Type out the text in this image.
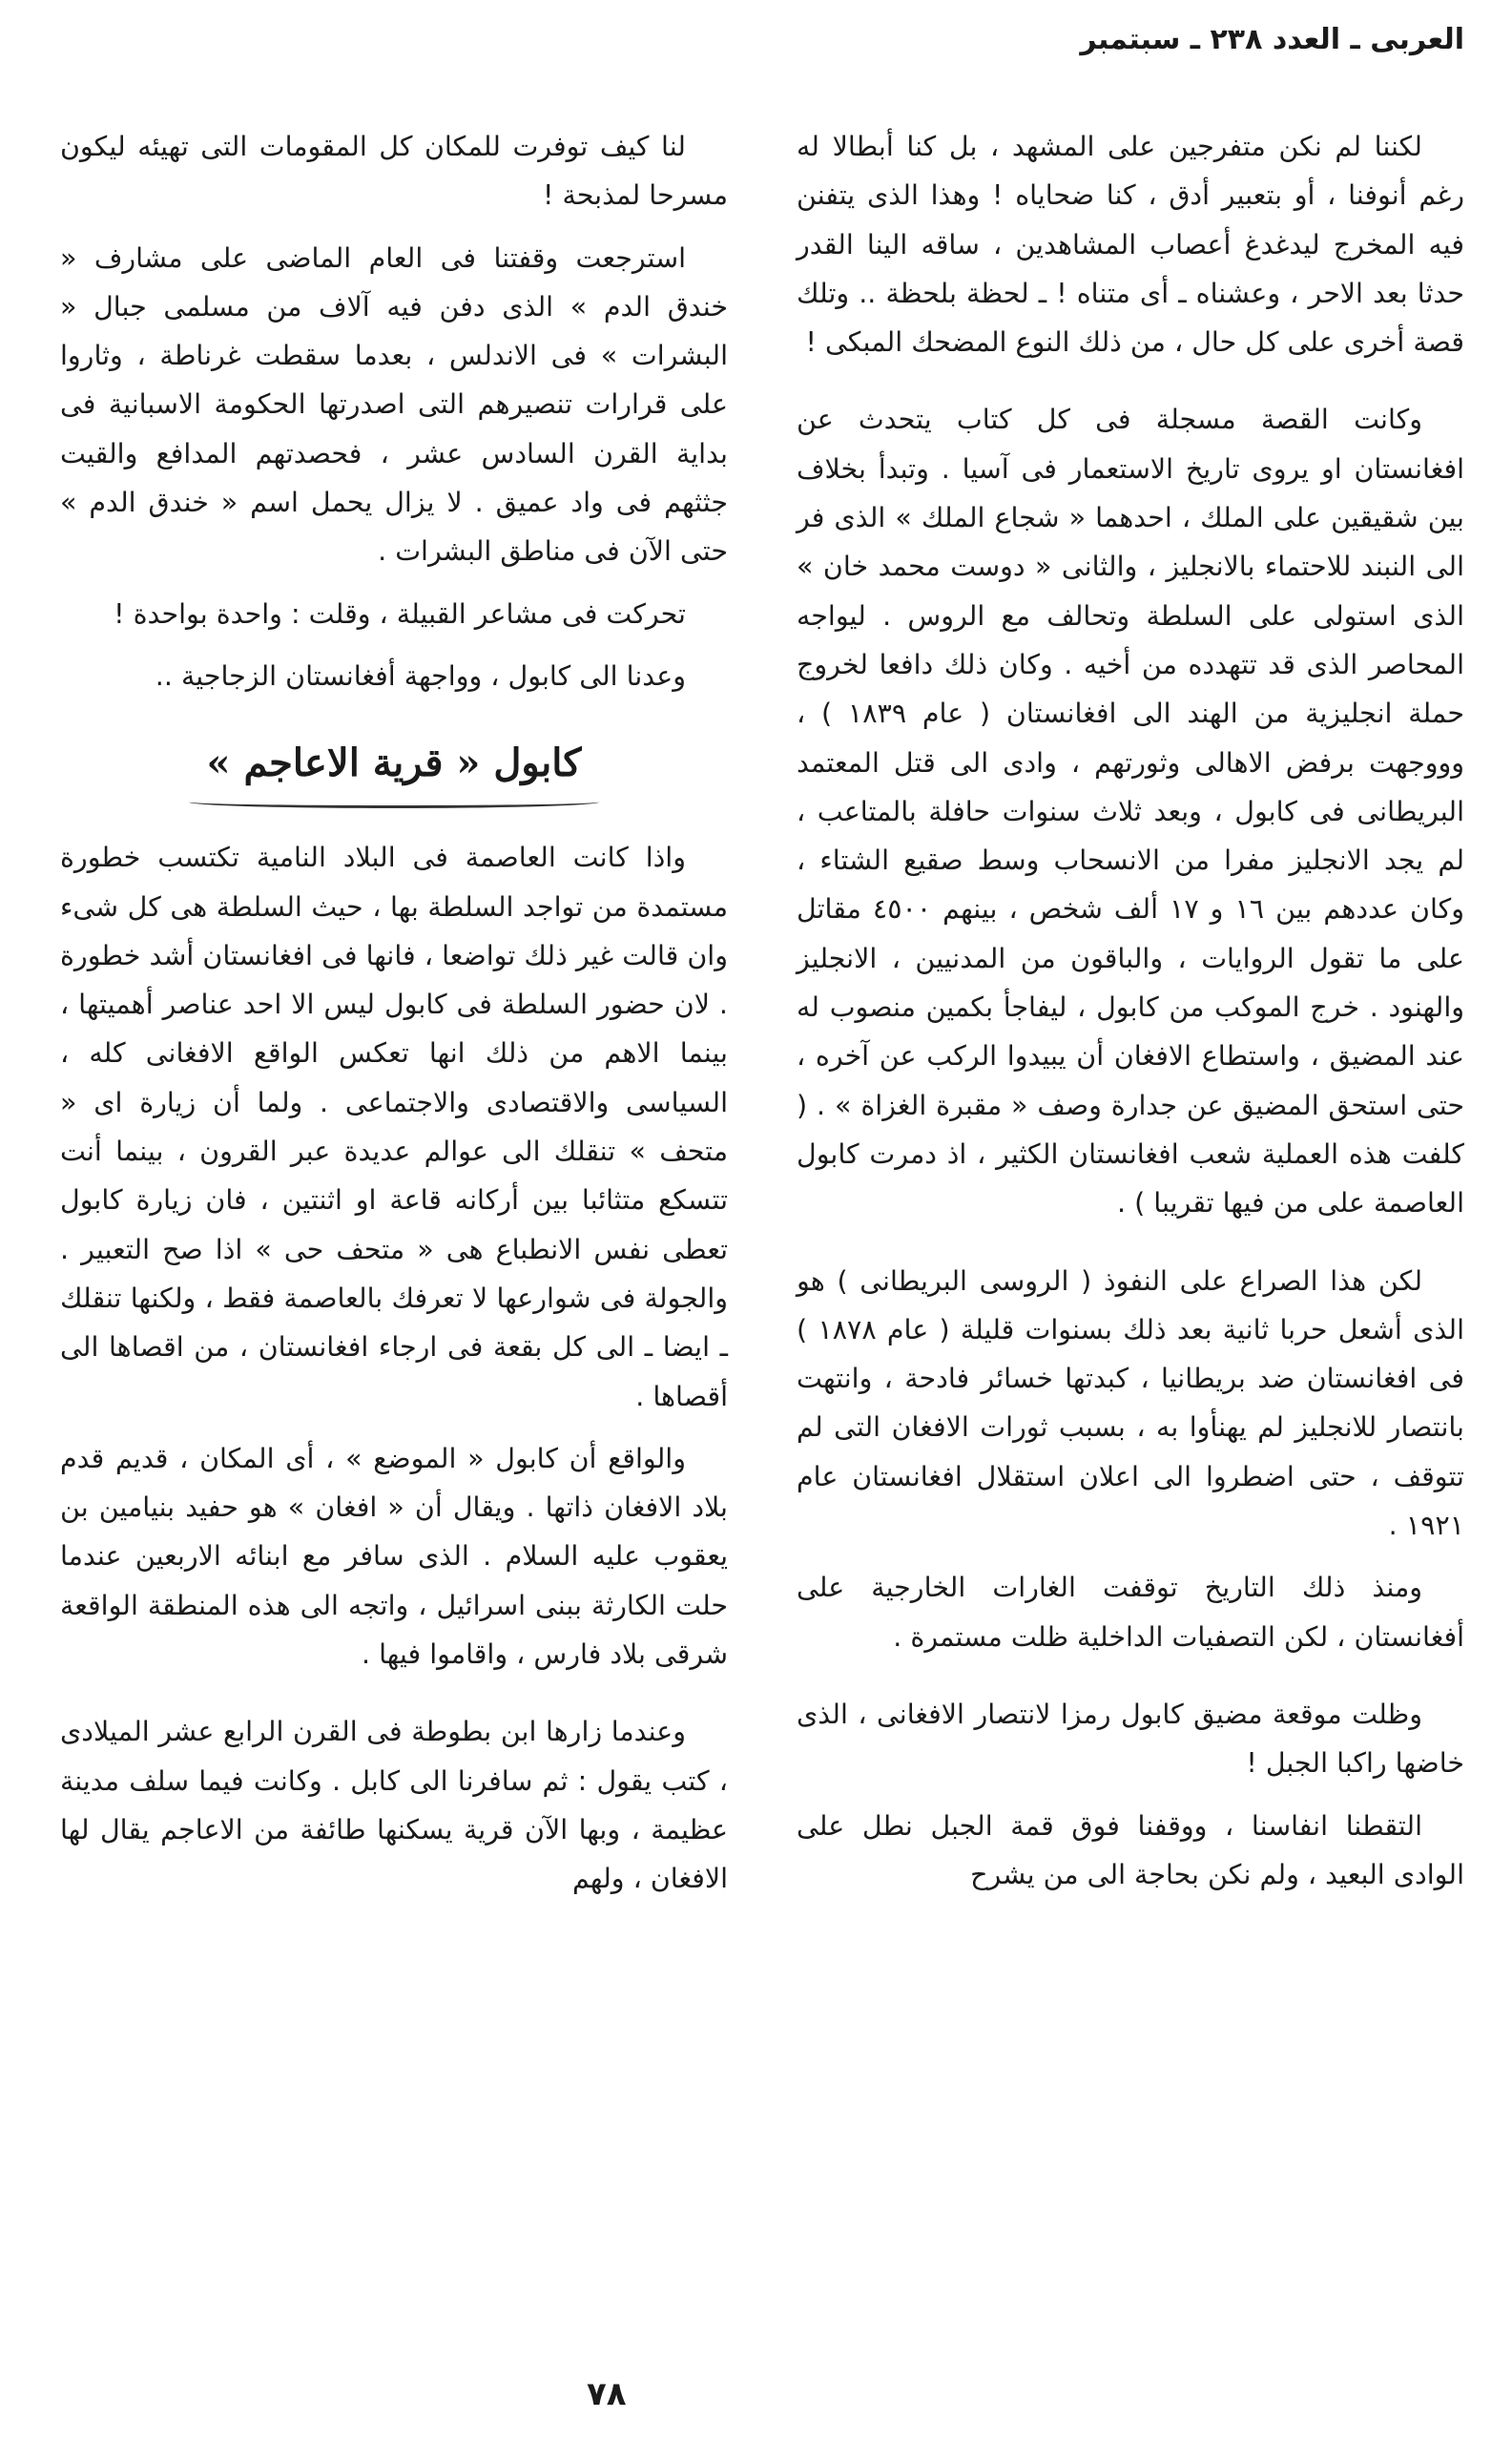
العربى ـ العدد ٢٣٨ ـ سبتمبر

لكننا لم نكن متفرجين على المشهد ، بل كنا أبطالا له رغم أنوفنا ، أو بتعبير أدق ، كنا ضحاياه ! وهذا الذى يتفنن فيه المخرج ليدغدغ أعصاب المشاهدين ، ساقه الينا القدر حدثا بعد الاحر ، وعشناه ـ أى متناه ! ـ لحظة بلحظة .. وتلك قصة أخرى على كل حال ، من ذلك النوع المضحك المبكى !

وكانت القصة مسجلة فى كل كتاب يتحدث عن افغانستان او يروى تاريخ الاستعمار فى آسيا . وتبدأ بخلاف بين شقيقين على الملك ، احدهما « شجاع الملك » الذى فر الى النبند للاحتماء بالانجليز ، والثانى « دوست محمد خان » الذى استولى على السلطة وتحالف مع الروس . ليواجه المحاصر الذى قد تتهدده من أخيه . وكان ذلك دافعا لخروج حملة انجليزية من الهند الى افغانستان ( عام ١٨٣٩ ) ، وووجهت برفض الاهالى وثورتهم ، وادى الى قتل المعتمد البريطانى فى كابول ، وبعد ثلاث سنوات حافلة بالمتاعب ، لم يجد الانجليز مفرا من الانسحاب وسط صقيع الشتاء ، وكان عددهم بين ١٦ و ١٧ ألف شخص ، بينهم ٤٥٠٠ مقاتل على ما تقول الروايات ، والباقون من المدنيين ، الانجليز والهنود . خرج الموكب من كابول ، ليفاجأ بكمين منصوب له عند المضيق ، واستطاع الافغان أن يبيدوا الركب عن آخره ، حتى استحق المضيق عن جدارة وصف « مقبرة الغزاة » . ( كلفت هذه العملية شعب افغانستان الكثير ، اذ دمرت كابول العاصمة على من فيها تقريبا ) .

لكن هذا الصراع على النفوذ ( الروسى البريطانى ) هو الذى أشعل حربا ثانية بعد ذلك بسنوات قليلة ( عام ١٨٧٨ ) فى افغانستان ضد بريطانيا ، كبدتها خسائر فادحة ، وانتهت بانتصار للانجليز لم يهنأوا به ، بسبب ثورات الافغان التى لم تتوقف ، حتى اضطروا الى اعلان استقلال افغانستان عام ١٩٢١ .

ومنذ ذلك التاريخ توقفت الغارات الخارجية على أفغانستان ، لكن التصفيات الداخلية ظلت مستمرة .

وظلت موقعة مضيق كابول رمزا لانتصار الافغانى ، الذى خاضها راكبا الجبل !

التقطنا انفاسنا ، ووقفنا فوق قمة الجبل نطل على الوادى البعيد ، ولم نكن بحاجة الى من يشرح

لنا كيف توفرت للمكان كل المقومات التى تهيئه ليكون مسرحا لمذبحة !

استرجعت وقفتنا فى العام الماضى على مشارف « خندق الدم » الذى دفن فيه آلاف من مسلمى جبال « البشرات » فى الاندلس ، بعدما سقطت غرناطة ، وثاروا على قرارات تنصيرهم التى اصدرتها الحكومة الاسبانية فى بداية القرن السادس عشر ، فحصدتهم المدافع والقيت جثثهم فى واد عميق . لا يزال يحمل اسم « خندق الدم » حتى الآن فى مناطق البشرات .

تحركت فى مشاعر القبيلة ، وقلت : واحدة بواحدة !

وعدنا الى كابول ، وواجهة أفغانستان الزجاجية ..

كابول « قرية الاعاجم »

واذا كانت العاصمة فى البلاد النامية تكتسب خطورة مستمدة من تواجد السلطة بها ، حيث السلطة هى كل شىء وان قالت غير ذلك تواضعا ، فانها فى افغانستان أشد خطورة . لان حضور السلطة فى كابول ليس الا احد عناصر أهميتها ، بينما الاهم من ذلك انها تعكس الواقع الافغانى كله ، السياسى والاقتصادى والاجتماعى . ولما أن زيارة اى « متحف » تنقلك الى عوالم عديدة عبر القرون ، بينما أنت تتسكع متثائبا بين أركانه قاعة او اثنتين ، فان زيارة كابول تعطى نفس الانطباع هى « متحف حى » اذا صح التعبير . والجولة فى شوارعها لا تعرفك بالعاصمة فقط ، ولكنها تنقلك ـ ايضا ـ الى كل بقعة فى ارجاء افغانستان ، من اقصاها الى أقصاها .

والواقع أن كابول « الموضع » ، أى المكان ، قديم قدم بلاد الافغان ذاتها . ويقال أن « افغان » هو حفيد بنيامين بن يعقوب عليه السلام . الذى سافر مع ابنائه الاربعين عندما حلت الكارثة ببنى اسرائيل ، واتجه الى هذه المنطقة الواقعة شرقى بلاد فارس ، واقاموا فيها .

وعندما زارها ابن بطوطة فى القرن الرابع عشر الميلادى ، كتب يقول : ثم سافرنا الى كابل . وكانت فيما سلف مدينة عظيمة ، وبها الآن قرية يسكنها طائفة من الاعاجم يقال لها الافغان ، ولهم

٧٨
